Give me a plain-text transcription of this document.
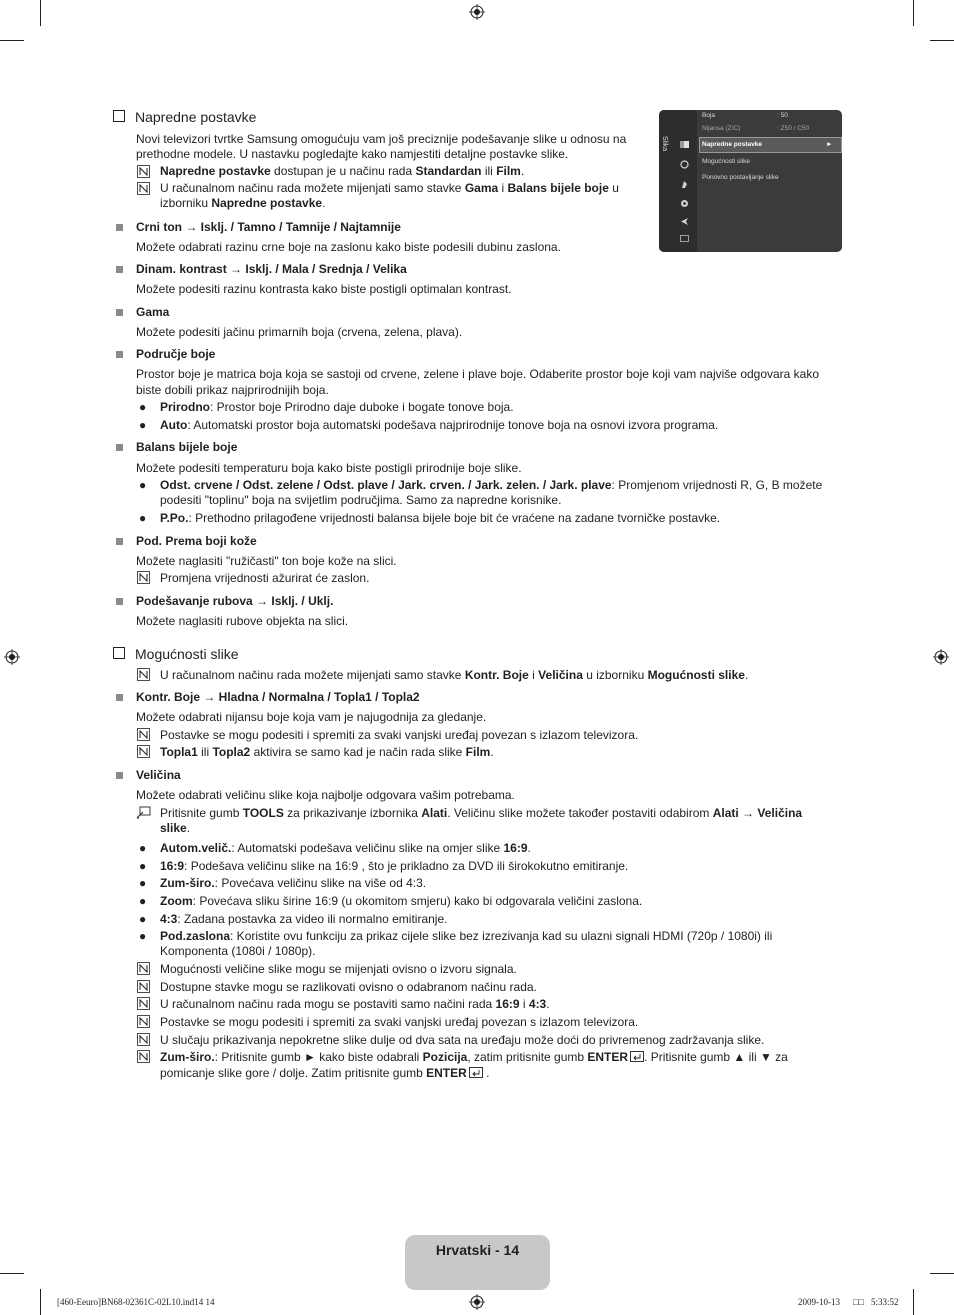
Napredne postavke
Novi televizori tvrtke Samsung omogućuju vam još preciznije podešavanje slike u odnosu na
prethodne modele. U nastavku pogledajte kako namjestiti detaljne postavke slike.
Napredne postavke dostupan je u načinu rada Standardan ili Film.
U računalnom načinu rada možete mijenjati samo stavke Gama i Balans bijele boje u
izborniku Napredne postavke.
Slika
Boja	: 50
Nijansa (Z/C)	: Z50 / C50
Napredne postavke	►
Mogućnosti slike
Ponovno postavljanje slike
Crni ton → Isklj. / Tamno / Tamnije / Najtamnije
Možete odabrati razinu crne boje na zaslonu kako biste podesili dubinu zaslona.
Dinam. kontrast → Isklj. / Mala / Srednja / Velika
Možete podesiti razinu kontrasta kako biste postigli optimalan kontrast.
Gama
Možete podesiti jačinu primarnih boja (crvena, zelena, plava).
Područje boje
Prostor boje je matrica boja koja se sastoji od crvene, zelene i plave boje. Odaberite prostor boje koji vam najviše odgovara kako
biste dobili prikaz najprirodnijih boja.
● Prirodno: Prostor boje Prirodno daje duboke i bogate tonove boja.
● Auto: Automatski prostor boja automatski podešava najprirodnije tonove boja na osnovi izvora programa.
Balans bijele boje
Možete podesiti temperaturu boja kako biste postigli prirodnije boje slike.
● Odst. crvene / Odst. zelene / Odst. plave / Jark. crven. / Jark. zelen. / Jark. plave: Promjenom vrijednosti R, G, B možete
podesiti "toplinu" boja na svijetlim područjima. Samo za napredne korisnike.
● P.Po.: Prethodno prilagođene vrijednosti balansa bijele boje bit će vraćene na zadane tvorničke postavke.
Pod. Prema boji kože
Možete naglasiti "ružičasti" ton boje kože na slici.
Promjena vrijednosti ažurirat će zaslon.
Podešavanje rubova → Isklj. / Uklj.
Možete naglasiti rubove objekta na slici.
Mogućnosti slike
U računalnom načinu rada možete mijenjati samo stavke Kontr. Boje i Veličina u izborniku Mogućnosti slike.
Kontr. Boje → Hladna / Normalna / Topla1 / Topla2
Možete odabrati nijansu boje koja vam je najugodnija za gledanje.
Postavke se mogu podesiti i spremiti za svaki vanjski uređaj povezan s izlazom televizora.
Topla1 ili Topla2 aktivira se samo kad je način rada slike Film.
Veličina
Možete odabrati veličinu slike koja najbolje odgovara vašim potrebama.
Pritisnite gumb TOOLS za prikazivanje izbornika Alati. Veličinu slike možete također postaviti odabirom Alati → Veličina
slike.
● Autom.velič.: Automatski podešava veličinu slike na omjer slike 16:9.
● 16:9: Podešava veličinu slike na 16:9 , što je prikladno za DVD ili širokokutno emitiranje.
● Zum-širo.: Povećava veličinu slike na više od 4:3.
● Zoom: Povećava sliku širine 16:9 (u okomitom smjeru) kako bi odgovarala veličini zaslona.
● 4:3: Zadana postavka za video ili normalno emitiranje.
● Pod.zaslona: Koristite ovu funkciju za prikaz cijele slike bez izrezivanja kad su ulazni signali HDMI (720p / 1080i) ili
Komponenta (1080i / 1080p).
Mogućnosti veličine slike mogu se mijenjati ovisno o izvoru signala.
Dostupne stavke mogu se razlikovati ovisno o odabranom načinu rada.
U računalnom načinu rada mogu se postaviti samo načini rada 16:9 i 4:3.
Postavke se mogu podesiti i spremiti za svaki vanjski uređaj povezan s izlazom televizora.
U slučaju prikazivanja nepokretne slike dulje od dva sata na uređaju može doći do privremenog zadržavanja slike.
Zum-širo.: Pritisnite gumb ► kako biste odabrali Pozicija, zatim pritisnite gumb ENTER . Pritisnite gumb ▲ ili ▼ za
pomicanje slike gore / dolje. Zatim pritisnite gumb ENTER .
Hrvatski - 14
[460-Eeuro]BN68-02361C-02L10.ind14 14	2009-10-13 □□ 5:33:52
